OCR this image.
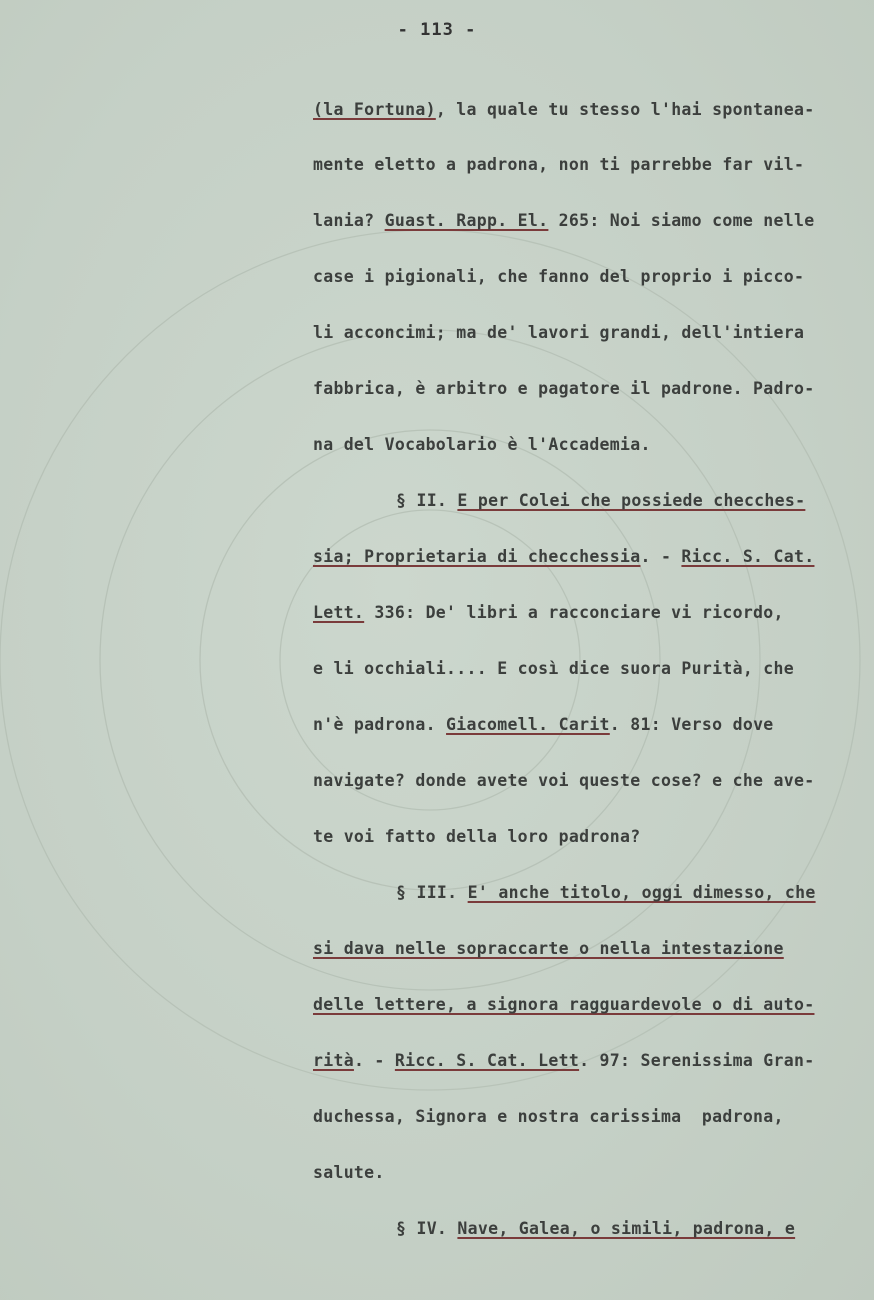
- 113 -
(la Fortuna), la quale tu stesso l'hai spontanea-
mente eletto a padrona, non ti parrebbe far vil-
lania? Guast. Rapp. El. 265: Noi siamo come nelle
case i pigionali, che fanno del proprio i picco-
li acconcimi; ma de' lavori grandi, dell'intiera
fabbrica, è arbitro e pagatore il padrone. Padro-
na del Vocabolario è l'Accademia.
§ II. E per Colei che possiede checches-
sia; Proprietaria di checchessia. - Ricc. S. Cat.
Lett. 336: De' libri a racconciare vi ricordo,
e li occhiali.... E così dice suora Purità, che
n'è padrona. Giacomell. Carit. 81: Verso dove
navigate? donde avete voi queste cose? e che ave-
te voi fatto della loro padrona?
§ III. E' anche titolo, oggi dimesso, che
si dava nelle sopraccarte o nella intestazione
delle lettere, a signora ragguardevole o di auto-
rità. - Ricc. S. Cat. Lett. 97: Serenissima Gran-
duchessa, Signora e nostra carissima  padrona,
salute.
§ IV. Nave, Galea, o simili, padrona, e
